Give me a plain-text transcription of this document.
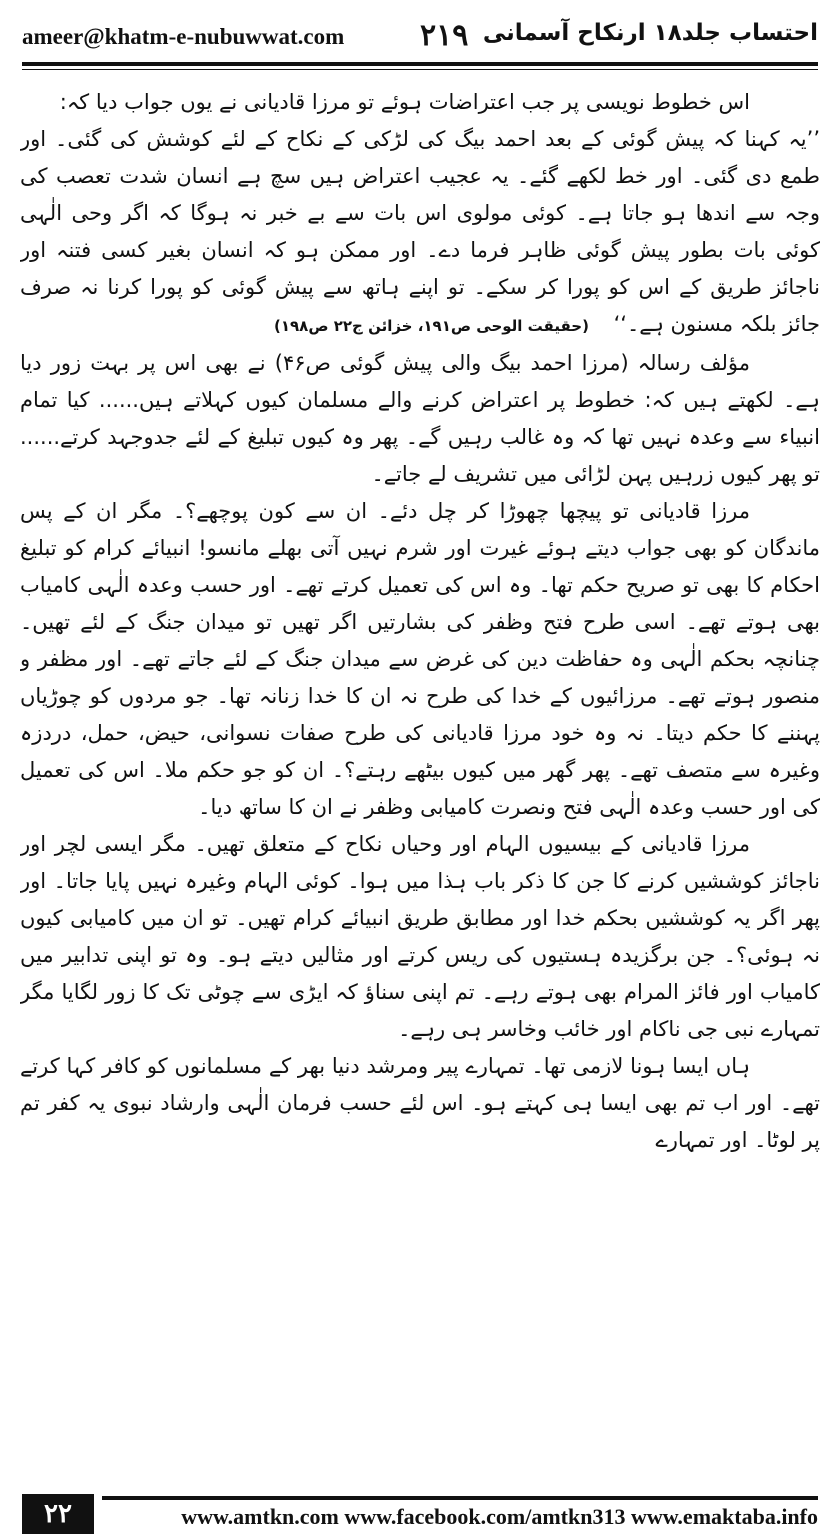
ameer@khatm-e-nubuwwat.com	۲۱۹ احتساب جلد۱۸ ارنکاح آسمانی

اس خطوط نویسی پر جب اعتراضات ہوئے تو مرزا قادیانی نے یوں جواب دیا کہ:

’’یہ کہنا کہ پیش گوئی کے بعد احمد بیگ کی لڑکی کے نکاح کے لئے کوشش کی گئی۔ اور طمع دی گئی۔ اور خط لکھے گئے۔ یہ عجیب اعتراض ہیں سچ ہے انسان شدت تعصب کی وجہ سے اندھا ہو جاتا ہے۔ کوئی مولوی اس بات سے بے خبر نہ ہوگا کہ اگر وحی الٰہی کوئی بات بطور پیش گوئی ظاہر فرما دے۔ اور ممکن ہو کہ انسان بغیر کسی فتنہ اور ناجائز طریق کے اس کو پورا کر سکے۔ تو اپنے ہاتھ سے پیش گوئی کو پورا کرنا نہ صرف جائز بلکہ مسنون ہے۔‘‘ (حقیقت الوحی ص۱۹۱، خزائن ج۲۲ ص۱۹۸)

مؤلف رسالہ (مرزا احمد بیگ والی پیش گوئی ص۴۶) نے بھی اس پر بہت زور دیا ہے۔ لکھتے ہیں کہ: خطوط پر اعتراض کرنے والے مسلمان کیوں کہلاتے ہیں...... کیا تمام انبیاء سے وعدہ نہیں تھا کہ وہ غالب رہیں گے۔ پھر وہ کیوں تبلیغ کے لئے جدوجہد کرتے...... تو پھر کیوں زرہیں پہن لڑائی میں تشریف لے جاتے۔

مرزا قادیانی تو پیچھا چھوڑا کر چل دئے۔ ان سے کون پوچھے؟۔ مگر ان کے پس ماندگان کو بھی جواب دیتے ہوئے غیرت اور شرم نہیں آتی بھلے مانسو! انبیائے کرام کو تبلیغ احکام کا بھی تو صریح حکم تھا۔ وہ اس کی تعمیل کرتے تھے۔ اور حسب وعدہ الٰہی کامیاب بھی ہوتے تھے۔ اسی طرح فتح وظفر کی بشارتیں اگر تھیں تو میدان جنگ کے لئے تھیں۔ چنانچہ بحکم الٰہی وہ حفاظت دین کی غرض سے میدان جنگ کے لئے جاتے تھے۔ اور مظفر و منصور ہوتے تھے۔ مرزائیوں کے خدا کی طرح نہ ان کا خدا زنانہ تھا۔ جو مردوں کو چوڑیاں پہننے کا حکم دیتا۔ نہ وہ خود مرزا قادیانی کی طرح صفات نسوانی، حیض، حمل، دردزہ وغیرہ سے متصف تھے۔ پھر گھر میں کیوں بیٹھے رہتے؟۔ ان کو جو حکم ملا۔ اس کی تعمیل کی اور حسب وعدہ الٰہی فتح ونصرت کامیابی وظفر نے ان کا ساتھ دیا۔

مرزا قادیانی کے بیسیوں الہام اور وحیاں نکاح کے متعلق تھیں۔ مگر ایسی لچر اور ناجائز کوششیں کرنے کا جن کا ذکر باب ہذا میں ہوا۔ کوئی الہام وغیرہ نہیں پایا جاتا۔ اور پھر اگر یہ کوششیں بحکم خدا اور مطابق طریق انبیائے کرام تھیں۔ تو ان میں کامیابی کیوں نہ ہوئی؟۔ جن برگزیدہ ہستیوں کی ریس کرتے اور مثالیں دیتے ہو۔ وہ تو اپنی تدابیر میں کامیاب اور فائز المرام بھی ہوتے رہے۔ تم اپنی سناؤ کہ ایڑی سے چوٹی تک کا زور لگایا مگر تمہارے نبی جی ناکام اور خائب وخاسر ہی رہے۔

ہاں ایسا ہونا لازمی تھا۔ تمہارے پیر ومرشد دنیا بھر کے مسلمانوں کو کافر کہا کرتے تھے۔ اور اب تم بھی ایسا ہی کہتے ہو۔ اس لئے حسب فرمان الٰہی وارشاد نبوی یہ کفر تم پر لوٹا۔ اور تمہارے

۲۲	www.amtkn.com www.facebook.com/amtkn313 www.emaktaba.info
